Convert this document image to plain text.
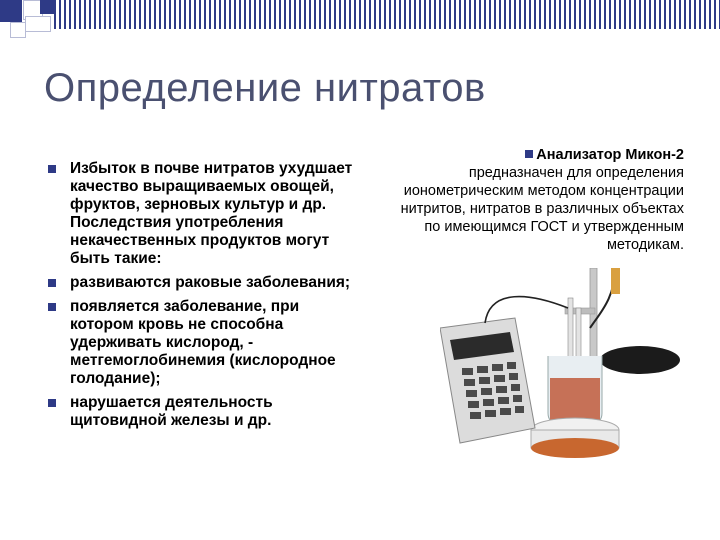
Определение нитратов
Избыток в почве нитратов ухудшает качество выращиваемых овощей, фруктов, зерновых культур и др. Последствия употребления некачественных продуктов могут быть такие:
развиваются раковые заболевания;
появляется заболевание, при котором кровь не способна удерживать кислород, - метгемоглобинемия (кислородное голодание);
нарушается деятельность щитовидной железы и др.
Анализатор Микон-2
предназначен для определения ионометрическим методом концентрации нитритов, нитратов в различных объектах по имеющимся ГОСТ и утвержденным методикам.
